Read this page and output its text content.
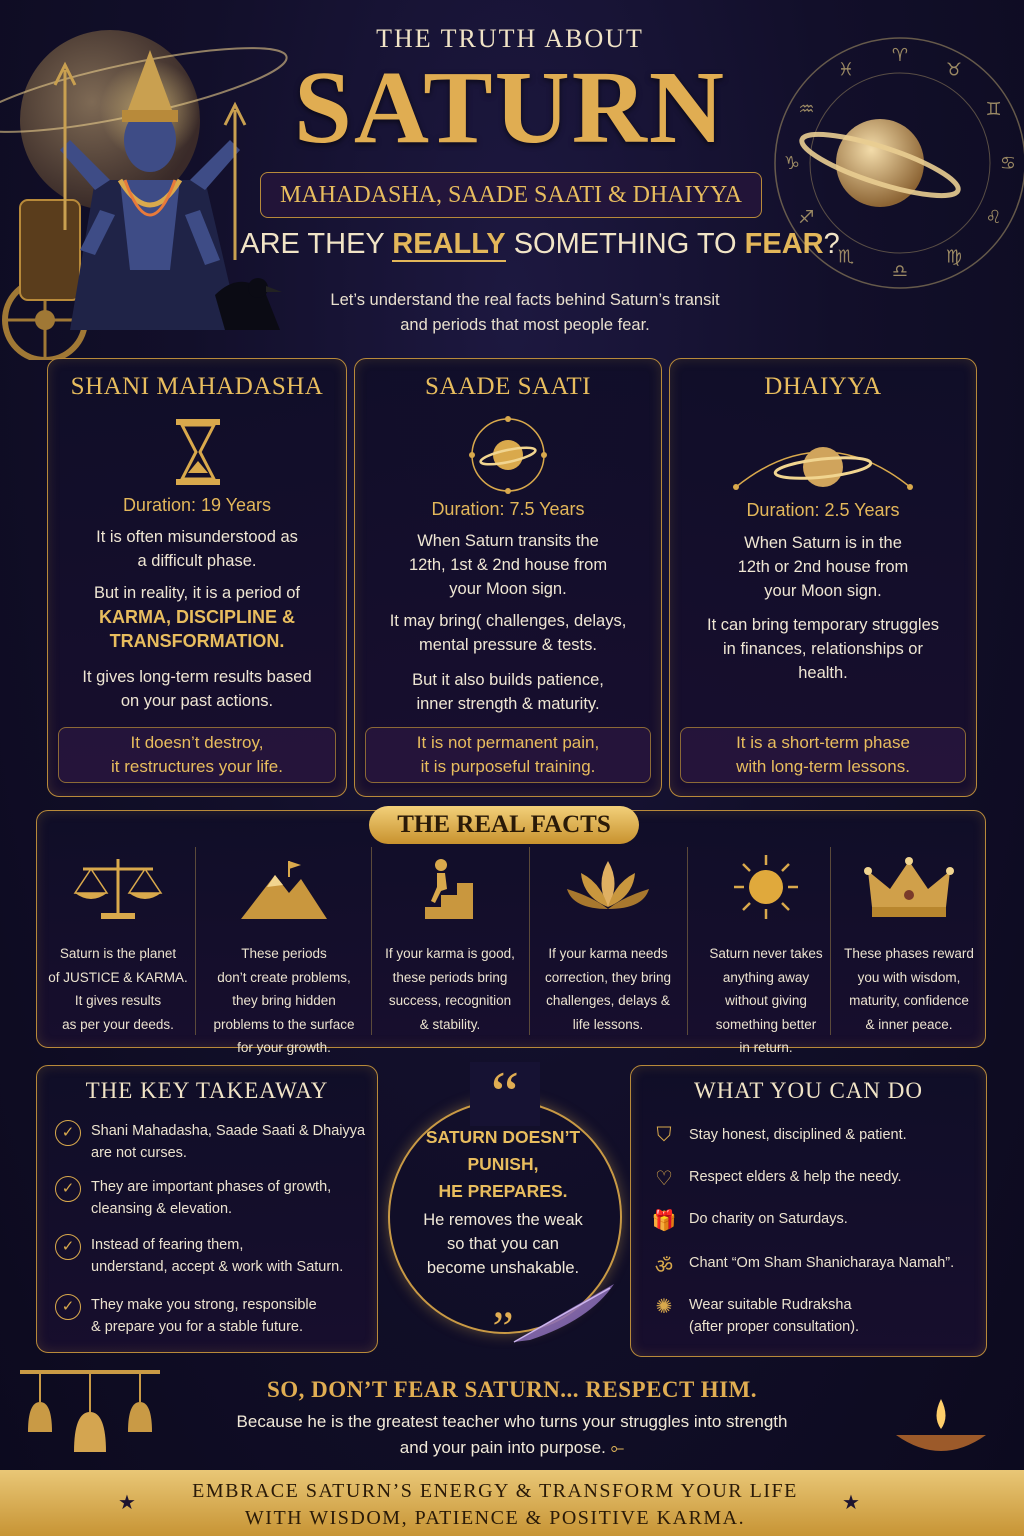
♈
♉
♊
♋
♌
♍
♎
♏
♐
♑
♒
♓
THE TRUTH ABOUT
SATURN
MAHADASHA, SAADE SAATI & DHAIYYA
ARE THEY REALLY SOMETHING TO FEAR?
Let’s understand the real facts behind Saturn’s transit
and periods that most people fear.
SHANI MAHADASHA
Duration: 19 Years
It is often misunderstood as
a difficult phase.
But in reality, it is a period of
KARMA, DISCIPLINE &
TRANSFORMATION.
It gives long-term results based
on your past actions.
It doesn’t destroy,
it restructures your life.
SAADE SAATI
Duration: 7.5 Years
When Saturn transits the
12th, 1st & 2nd house from
your Moon sign.
It may bring( challenges, delays,
mental pressure & tests.
But it also builds patience,
inner strength & maturity.
It is not permanent pain,
it is purposeful training.
DHAIYYA
Duration: 2.5 Years
When Saturn is in the
12th or 2nd house from
your Moon sign.
It can bring temporary struggles
in finances, relationships or
health.
It is a short-term phase
with long-term lessons.
THE REAL FACTS
Saturn is the planet
of JUSTICE & KARMA.
It gives results
as per your deeds.
These periods
don’t create problems,
they bring hidden
problems to the surface
for your growth.
If your karma is good,
these periods bring
success, recognition
& stability.
If your karma needs
correction, they bring
challenges, delays &
life lessons.
Saturn never takes
anything away
without giving
something better
in return.
These phases reward
you with wisdom,
maturity, confidence
& inner peace.
THE KEY TAKEAWAY
✓	Shani Mahadasha, Saade Saati & Dhaiyya
are not curses.
✓	They are important phases of growth,
cleansing & elevation.
✓	Instead of fearing them,
understand, accept & work with Saturn.
✓	They make you strong, responsible
& prepare you for a stable future.
“
SATURN DOESN’T
PUNISH,
HE PREPARES.
He removes the weak
so that you can
become unshakable.
”
WHAT YOU CAN DO
⛉	Stay honest, disciplined & patient.
♡	Respect elders & help the needy.
🎁 Do charity on Saturdays.
ॐ	Chant “Om Sham Shanicharaya Namah”.
✺	Wear suitable Rudraksha
(after proper consultation).
SO, DON’T FEAR SATURN... RESPECT HIM.
Because he is the greatest teacher who turns your struggles into strength
and your pain into purpose. ⟜
★	★
EMBRACE SATURN’S ENERGY & TRANSFORM YOUR LIFE
WITH WISDOM, PATIENCE & POSITIVE KARMA.
